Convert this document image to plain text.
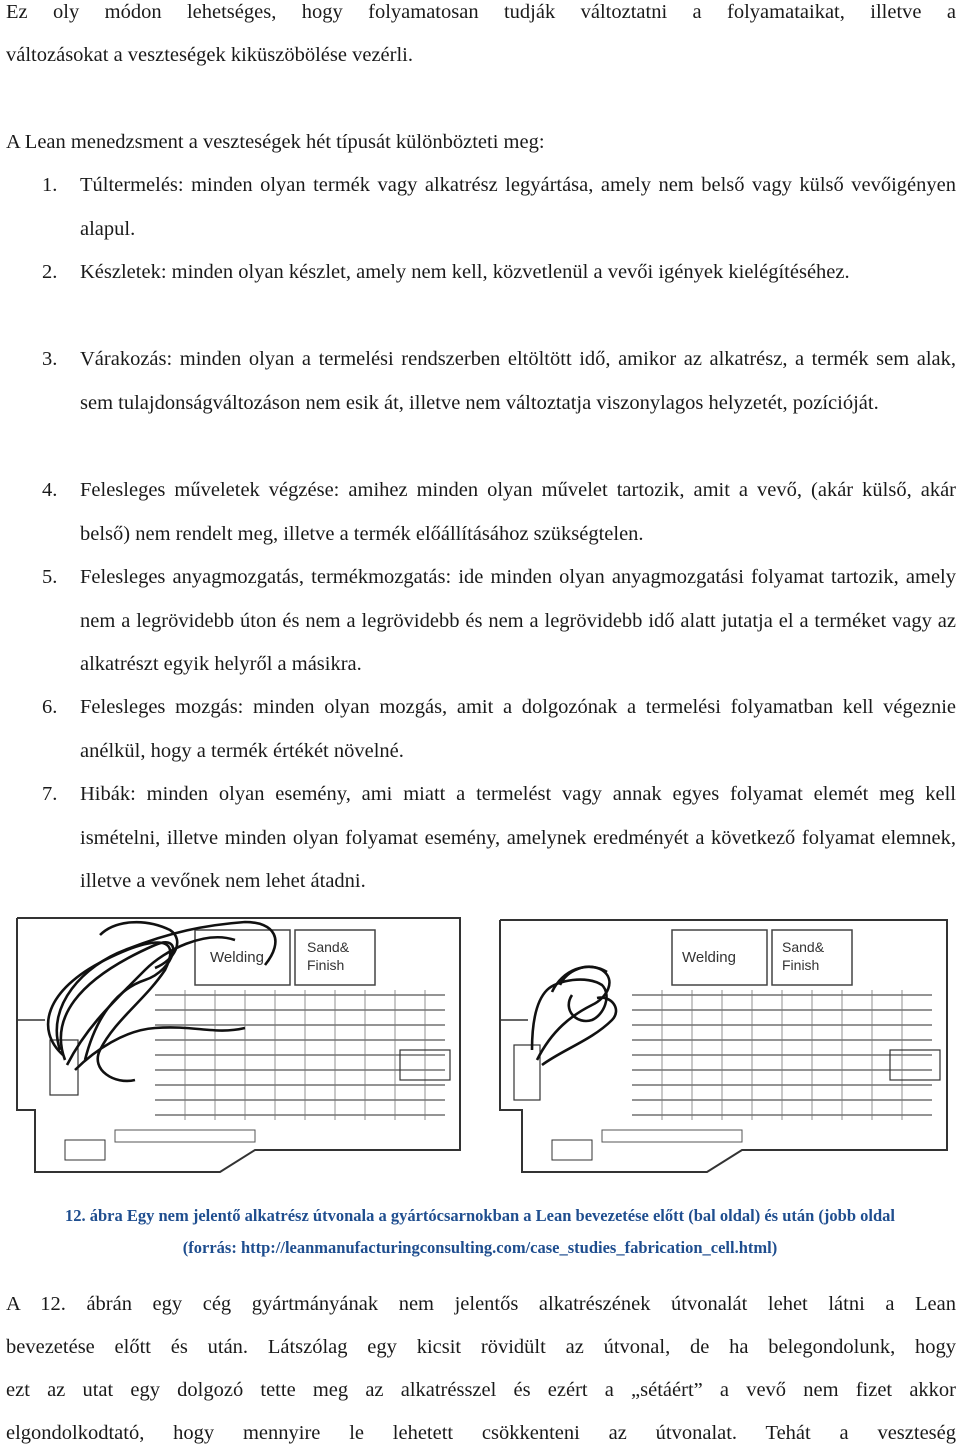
Ez oly módon lehetséges, hogy folyamatosan tudják változtatni a folyamataikat, illetve a
változásokat a veszteségek kiküszöbölése vezérli.
A Lean menedzsment a veszteségek hét típusát különbözteti meg:
1. Túltermelés: minden olyan termék vagy alkatrész legyártása, amely nem belső vagy külső vevőigényen alapul.
2. Készletek: minden olyan készlet, amely nem kell, közvetlenül a vevői igények kielégítéséhez.
3. Várakozás: minden olyan a termelési rendszerben eltöltött idő, amikor az alkatrész, a termék sem alak, sem tulajdonságváltozáson nem esik át, illetve nem változtatja viszonylagos helyzetét, pozícióját.
4. Felesleges műveletek végzése: amihez minden olyan művelet tartozik, amit a vevő, (akár külső, akár belső) nem rendelt meg, illetve a termék előállításához szükségtelen.
5. Felesleges anyagmozgatás, termékmozgatás: ide minden olyan anyagmozgatási folyamat tartozik, amely nem a legrövidebb úton és nem a legrövidebb és nem a legrövidebb idő alatt jutatja el a terméket vagy az alkatrészt egyik helyről a másikra.
6. Felesleges mozgás: minden olyan mozgás, amit a dolgozónak a termelési folyamatban kell végeznie anélkül, hogy a termék értékét növelné.
7. Hibák: minden olyan esemény, ami miatt a termelést vagy annak egyes folyamat elemét meg kell ismételni, illetve minden olyan folyamat esemény, amelynek eredményét a következő folyamat elemnek, illetve a vevőnek nem lehet átadni.
Welding
Sand&
Finish	Welding
Sand&
Finish
12. ábra Egy nem jelentő alkatrész útvonala a gyártócsarnokban a Lean bevezetése előtt (bal oldal) és után (jobb oldal
(forrás: http://leanmanufacturingconsulting.com/case_studies_fabrication_cell.html)
A 12. ábrán egy cég gyártmányának nem jelentős alkatrészének útvonalát lehet látni a Lean
bevezetése előtt és után. Látszólag egy kicsit rövidült az útvonal, de ha belegondolunk, hogy
ezt az utat egy dolgozó tette meg az alkatrésszel és ezért a „sétáért” a vevő nem fizet akkor
elgondolkodtató, hogy mennyire le lehetett csökkenteni az útvonalat. Tehát a veszteség
